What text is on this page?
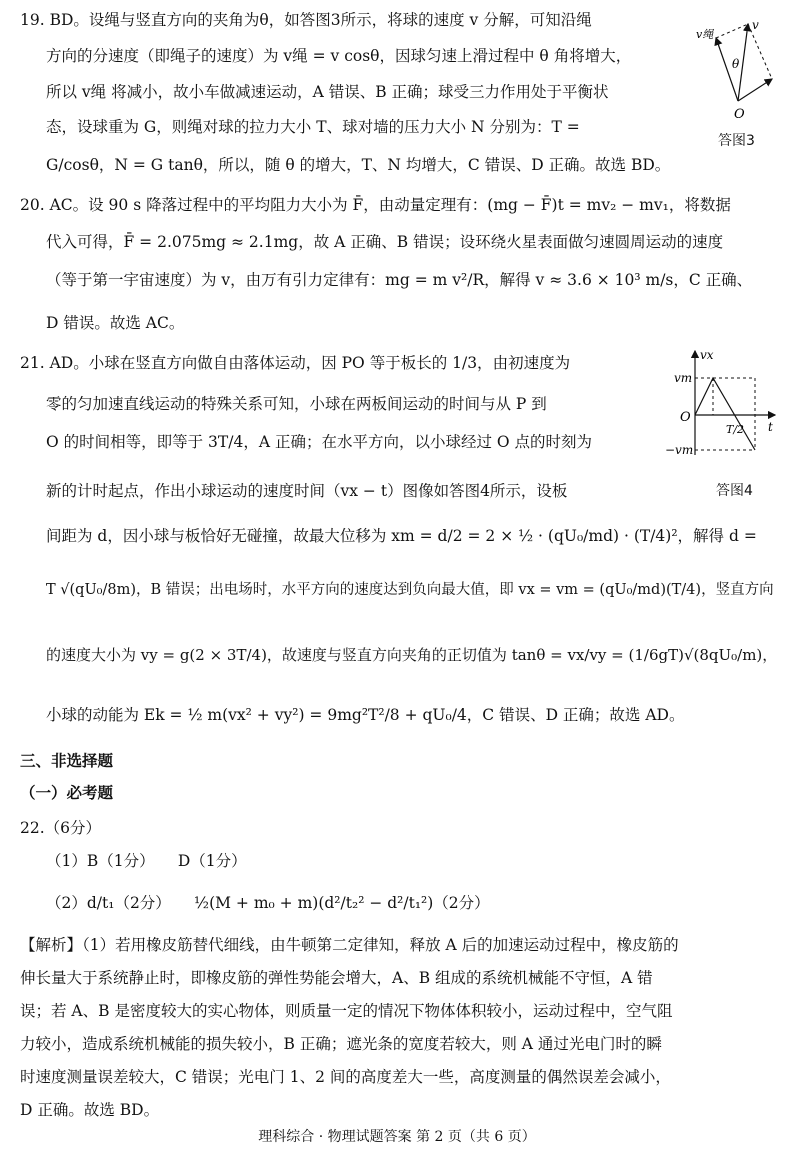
19. BD。设绳与竖直方向的夹角为θ，如答图3所示，将球的速度 v 分解，可知沿绳
方向的分速度（即绳子的速度）为 v绳 = v cosθ，因球匀速上滑过程中 θ 角将增大，
所以 v绳 将减小，故小车做减速运动，A 错误、B 正确；球受三力作用处于平衡状
态，设球重为 G，则绳对球的拉力大小 T、球对墙的压力大小 N 分别为：T =
G/cosθ，N = G tanθ，所以，随 θ 的增大，T、N 均增大，C 错误、D 正确。故选 BD。
v绳
v
θ
O
答图3
20. AC。设 90 s 降落过程中的平均阻力大小为 F̄，由动量定理有：(mg − F̄)t = mv₂ − mv₁，将数据
代入可得，F̄ = 2.075mg ≈ 2.1mg，故 A 正确、B 错误；设环绕火星表面做匀速圆周运动的速度
（等于第一宇宙速度）为 v，由万有引力定律有：mg = m v²/R，解得 v ≈ 3.6 × 10³ m/s，C 正确、
D 错误。故选 AC。
21. AD。小球在竖直方向做自由落体运动，因 PO 等于板长的 1/3，由初速度为
零的匀加速直线运动的特殊关系可知，小球在两板间运动的时间与从 P 到
O 的时间相等，即等于 3T/4，A 正确；在水平方向，以小球经过 O 点的时刻为
新的计时起点，作出小球运动的速度时间（vx − t）图像如答图4所示，设板
间距为 d，因小球与板恰好无碰撞，故最大位移为 xm = d/2 = 2 × ½ · (qU₀/md) · (T/4)²，解得 d =
T √(qU₀/8m)，B 错误；出电场时，水平方向的速度达到负向最大值，即 vx = vm = (qU₀/md)(T/4)，竖直方向
的速度大小为 vy = g(2 × 3T/4)，故速度与竖直方向夹角的正切值为 tanθ = vx/vy = (1/6gT)√(8qU₀/m)，
小球的动能为 Ek = ½ m(vx² + vy²) = 9mg²T²/8 + qU₀/4，C 错误、D 正确；故选 AD。
vx
t
vm
−vm
O
T/2
答图4
三、非选择题
（一）必考题
22.（6分）
（1）B（1分）　　D（1分）
（2）d/t₁（2分）　　½(M + m₀ + m)(d²/t₂² − d²/t₁²)（2分）
【解析】（1）若用橡皮筋替代细线，由牛顿第二定律知，释放 A 后的加速运动过程中，橡皮筋的
伸长量大于系统静止时，即橡皮筋的弹性势能会增大，A、B 组成的系统机械能不守恒，A 错
误；若 A、B 是密度较大的实心物体，则质量一定的情况下物体体积较小，运动过程中，空气阻
力较小，造成系统机械能的损失较小，B 正确；遮光条的宽度若较大，则 A 通过光电门时的瞬
时速度测量误差较大，C 错误；光电门 1、2 间的高度差大一些，高度测量的偶然误差会减小，
D 正确。故选 BD。
理科综合 · 物理试题答案 第 2 页（共 6 页）
